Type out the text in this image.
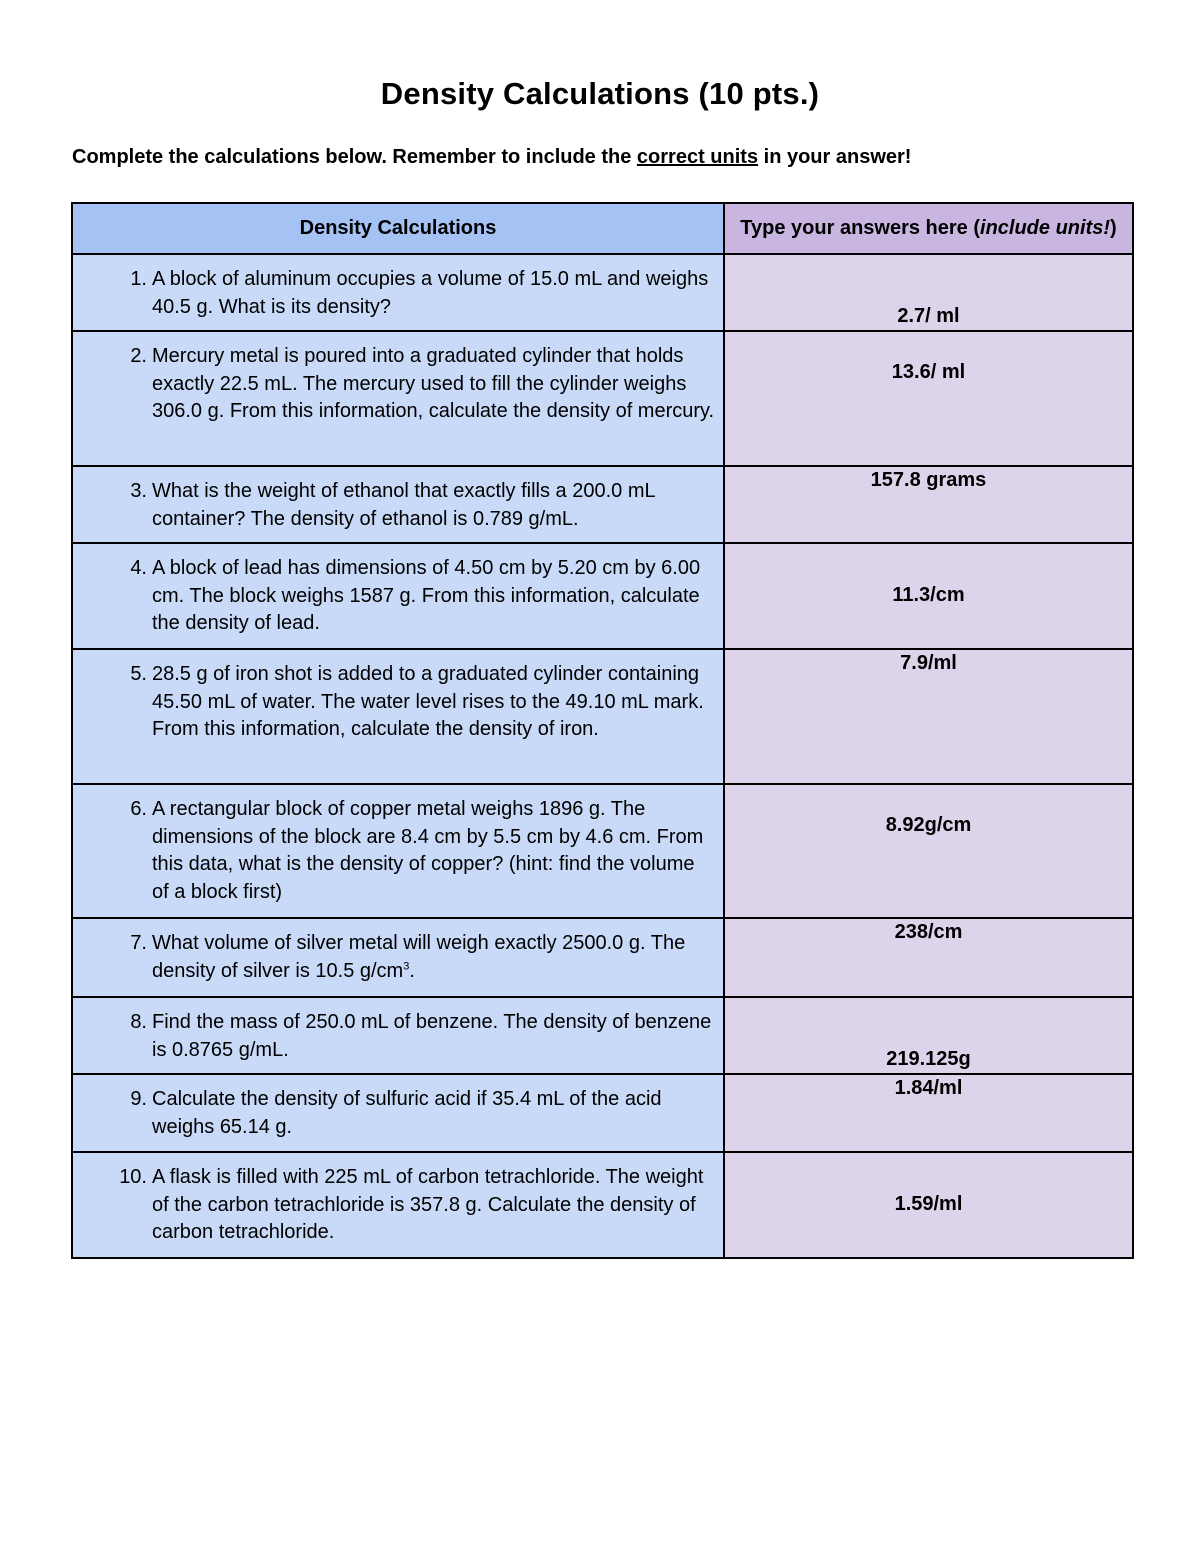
Density Calculations (10 pts.)
Complete the calculations below. Remember to include the correct units in your answer!
Density Calculations	Type your answers here (include units!)

1. A block of aluminum occupies a volume of 15.0 mL and weighs 40.5 g. What is its density?	2.7/ ml

2. Mercury metal is poured into a graduated cylinder that holds exactly 22.5 mL. The mercury used to fill the cylinder weighs 306.0 g. From this information, calculate the density of mercury.	13.6/ ml

3. What is the weight of ethanol that exactly fills a 200.0 mL container? The density of ethanol is 0.789 g/mL.	157.8 grams

4. A block of lead has dimensions of 4.50 cm by 5.20 cm by 6.00 cm. The block weighs 1587 g. From this information, calculate the density of lead.	11.3/cm

5. 28.5 g of iron shot is added to a graduated cylinder containing 45.50 mL of water. The water level rises to the 49.10 mL mark. From this information, calculate the density of iron.	7.9/ml

6. A rectangular block of copper metal weighs 1896 g. The dimensions of the block are 8.4 cm by 5.5 cm by 4.6 cm. From this data, what is the density of copper? (hint: find the volume of a block first)	8.92g/cm

7. What volume of silver metal will weigh exactly 2500.0 g. The density of silver is 10.5 $g/cm^3$.	238/cm

8. Find the mass of 250.0 mL of benzene. The density of benzene is 0.8765 g/mL.	219.125g

9. Calculate the density of sulfuric acid if 35.4 mL of the acid weighs 65.14 g.	1.84/ml

10. A flask is filled with 225 mL of carbon tetrachloride. The weight of the carbon tetrachloride is 357.8 g. Calculate the density of carbon tetrachloride.	1.59/ml
